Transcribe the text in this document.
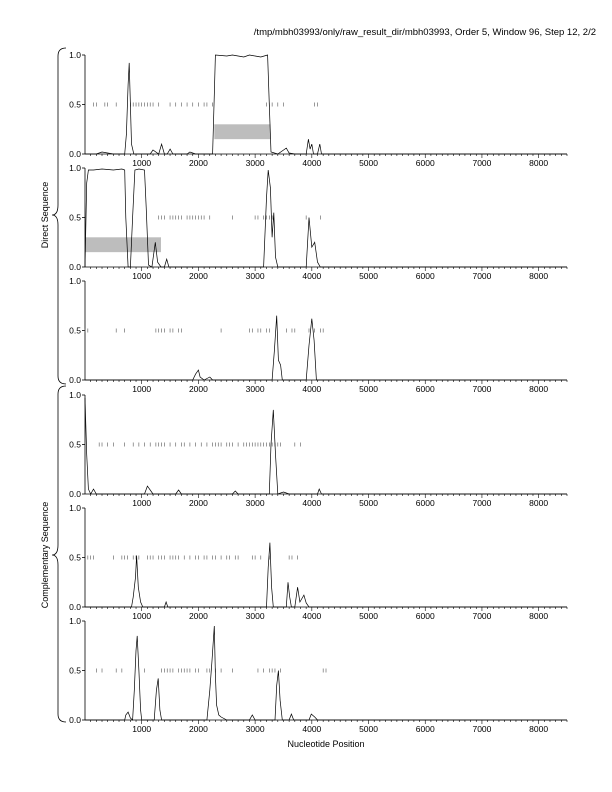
/tmp/mbh03993/only/raw_result_dir/mbh03993, Order 5, Window 96, Step 12, 2/2
0.0
0.5
1.0
1000	2000	3000	4000	5000	6000	7000	8000
0.0
0.5
1.0
1000	2000	3000	4000	5000	6000	7000	8000
0.0
0.5
1.0
1000	2000	3000	4000	5000	6000	7000	8000
0.0
0.5
1.0
1000	2000	3000	4000	5000	6000	7000	8000
0.0
0.5
1.0
1000	2000	3000	4000	5000	6000	7000	8000
0.0
0.5
1.0
1000	2000	3000	4000	5000	6000	7000	8000
Direct Sequence
Complementary Sequence
Nucleotide Position
